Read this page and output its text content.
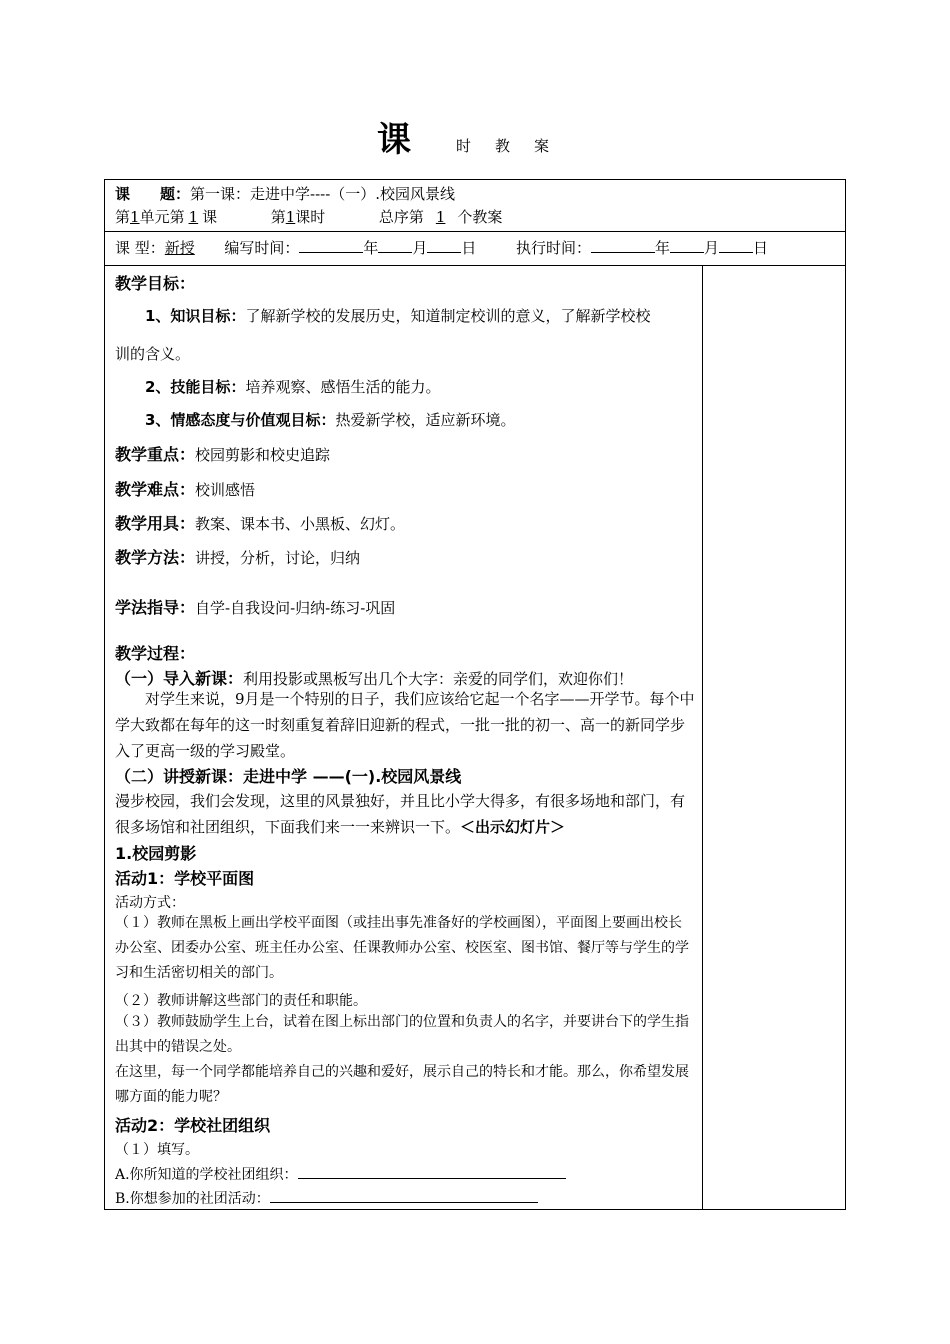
课	时教案
课　　题：第一课：走进中学----（一）.校园风景线
第1单元第 1 课	第1课时	总序第 1 个教案
课 型：新授 编写时间：	年 月 日	执行时间：	年 月 日
教学目标：
1、知识目标：了解新学校的发展历史，知道制定校训的意义，了解新学校校
训的含义。
2、技能目标：培养观察、感悟生活的能力。
3、情感态度与价值观目标：热爱新学校，适应新环境。
教学重点：校园剪影和校史追踪
教学难点：校训感悟
教学用具：教案、课本书、小黑板、幻灯。
教学方法：讲授，分析，讨论，归纳
学法指导：自学-自我设问-归纳-练习-巩固
教学过程：
（一）导入新课：利用投影或黑板写出几个大字：亲爱的同学们，欢迎你们！
对学生来说，9月是一个特别的日子，我们应该给它起一个名字——开学节。每个中学大致都在每年的这一时刻重复着辞旧迎新的程式，一批一批的初一、高一的新同学步入了更高一级的学习殿堂。
（二）讲授新课：走进中学 ——(一).校园风景线
漫步校园，我们会发现，这里的风景独好，并且比小学大得多，有很多场地和部门，有很多场馆和社团组织，下面我们来一一来辨识一下。＜出示幻灯片＞
1.校园剪影
活动1：学校平面图
活动方式：
（１）教师在黑板上画出学校平面图（或挂出事先准备好的学校画图），平面图上要画出校长办公室、团委办公室、班主任办公室、任课教师办公室、校医室、图书馆、餐厅等与学生的学习和生活密切相关的部门。
（２）教师讲解这些部门的责任和职能。
（３）教师鼓励学生上台，试着在图上标出部门的位置和负责人的名字，并要讲台下的学生指出其中的错误之处。
在这里，每一个同学都能培养自己的兴趣和爱好，展示自己的特长和才能。那么，你希望发展哪方面的能力呢？
活动2：学校社团组织
（１）填写。
A.你所知道的学校社团组织：
B.你想参加的社团活动：
